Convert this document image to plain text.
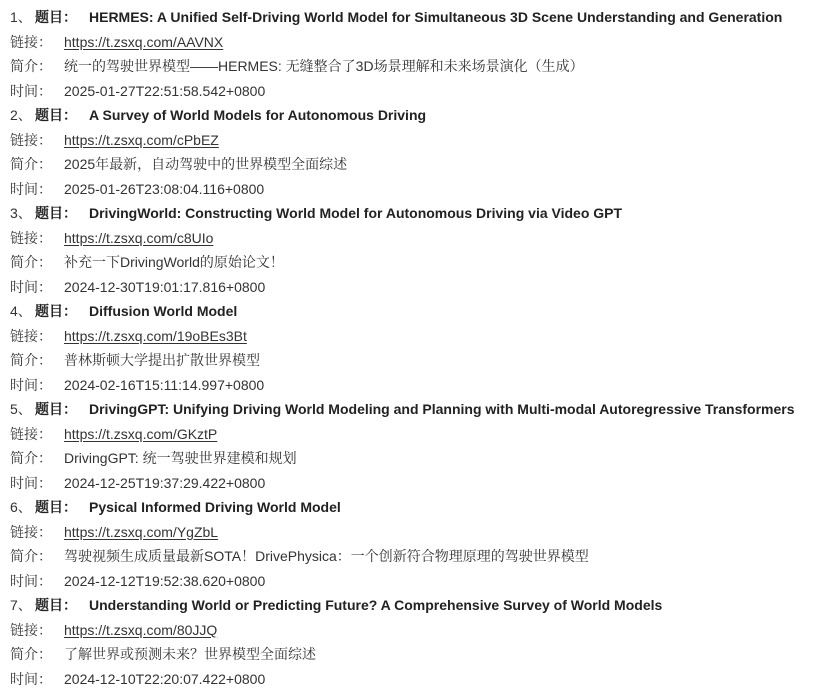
1、 题目： HERMES: A Unified Self-Driving World Model for Simultaneous 3D Scene Understanding and Generation
链接： https://t.zsxq.com/AAVNX
简介： 统一的驾驶世界模型——HERMES: 无缝整合了3D场景理解和未来场景演化（生成）
时间： 2025-01-27T22:51:58.542+0800
2、 题目： A Survey of World Models for Autonomous Driving
链接： https://t.zsxq.com/cPbEZ
简介： 2025年最新，自动驾驶中的世界模型全面综述
时间： 2025-01-26T23:08:04.116+0800
3、 题目： DrivingWorld: Constructing World Model for Autonomous Driving via Video GPT
链接： https://t.zsxq.com/c8UIo
简介： 补充一下DrivingWorld的原始论文！
时间： 2024-12-30T19:01:17.816+0800
4、 题目： Diffusion World Model
链接： https://t.zsxq.com/19oBEs3Bt
简介： 普林斯顿大学提出扩散世界模型
时间： 2024-02-16T15:11:14.997+0800
5、 题目： DrivingGPT: Unifying Driving World Modeling and Planning with Multi-modal Autoregressive Transformers
链接： https://t.zsxq.com/GKztP
简介： DrivingGPT: 统一驾驶世界建模和规划
时间： 2024-12-25T19:37:29.422+0800
6、 题目： Pysical Informed Driving World Model
链接： https://t.zsxq.com/YgZbL
简介： 驾驶视频生成质量最新SOTA！DrivePhysica：一个创新符合物理原理的驾驶世界模型
时间： 2024-12-12T19:52:38.620+0800
7、 题目： Understanding World or Predicting Future? A Comprehensive Survey of World Models
链接： https://t.zsxq.com/80JJQ
简介： 了解世界或预测未来？世界模型全面综述
时间： 2024-12-10T22:20:07.422+0800
